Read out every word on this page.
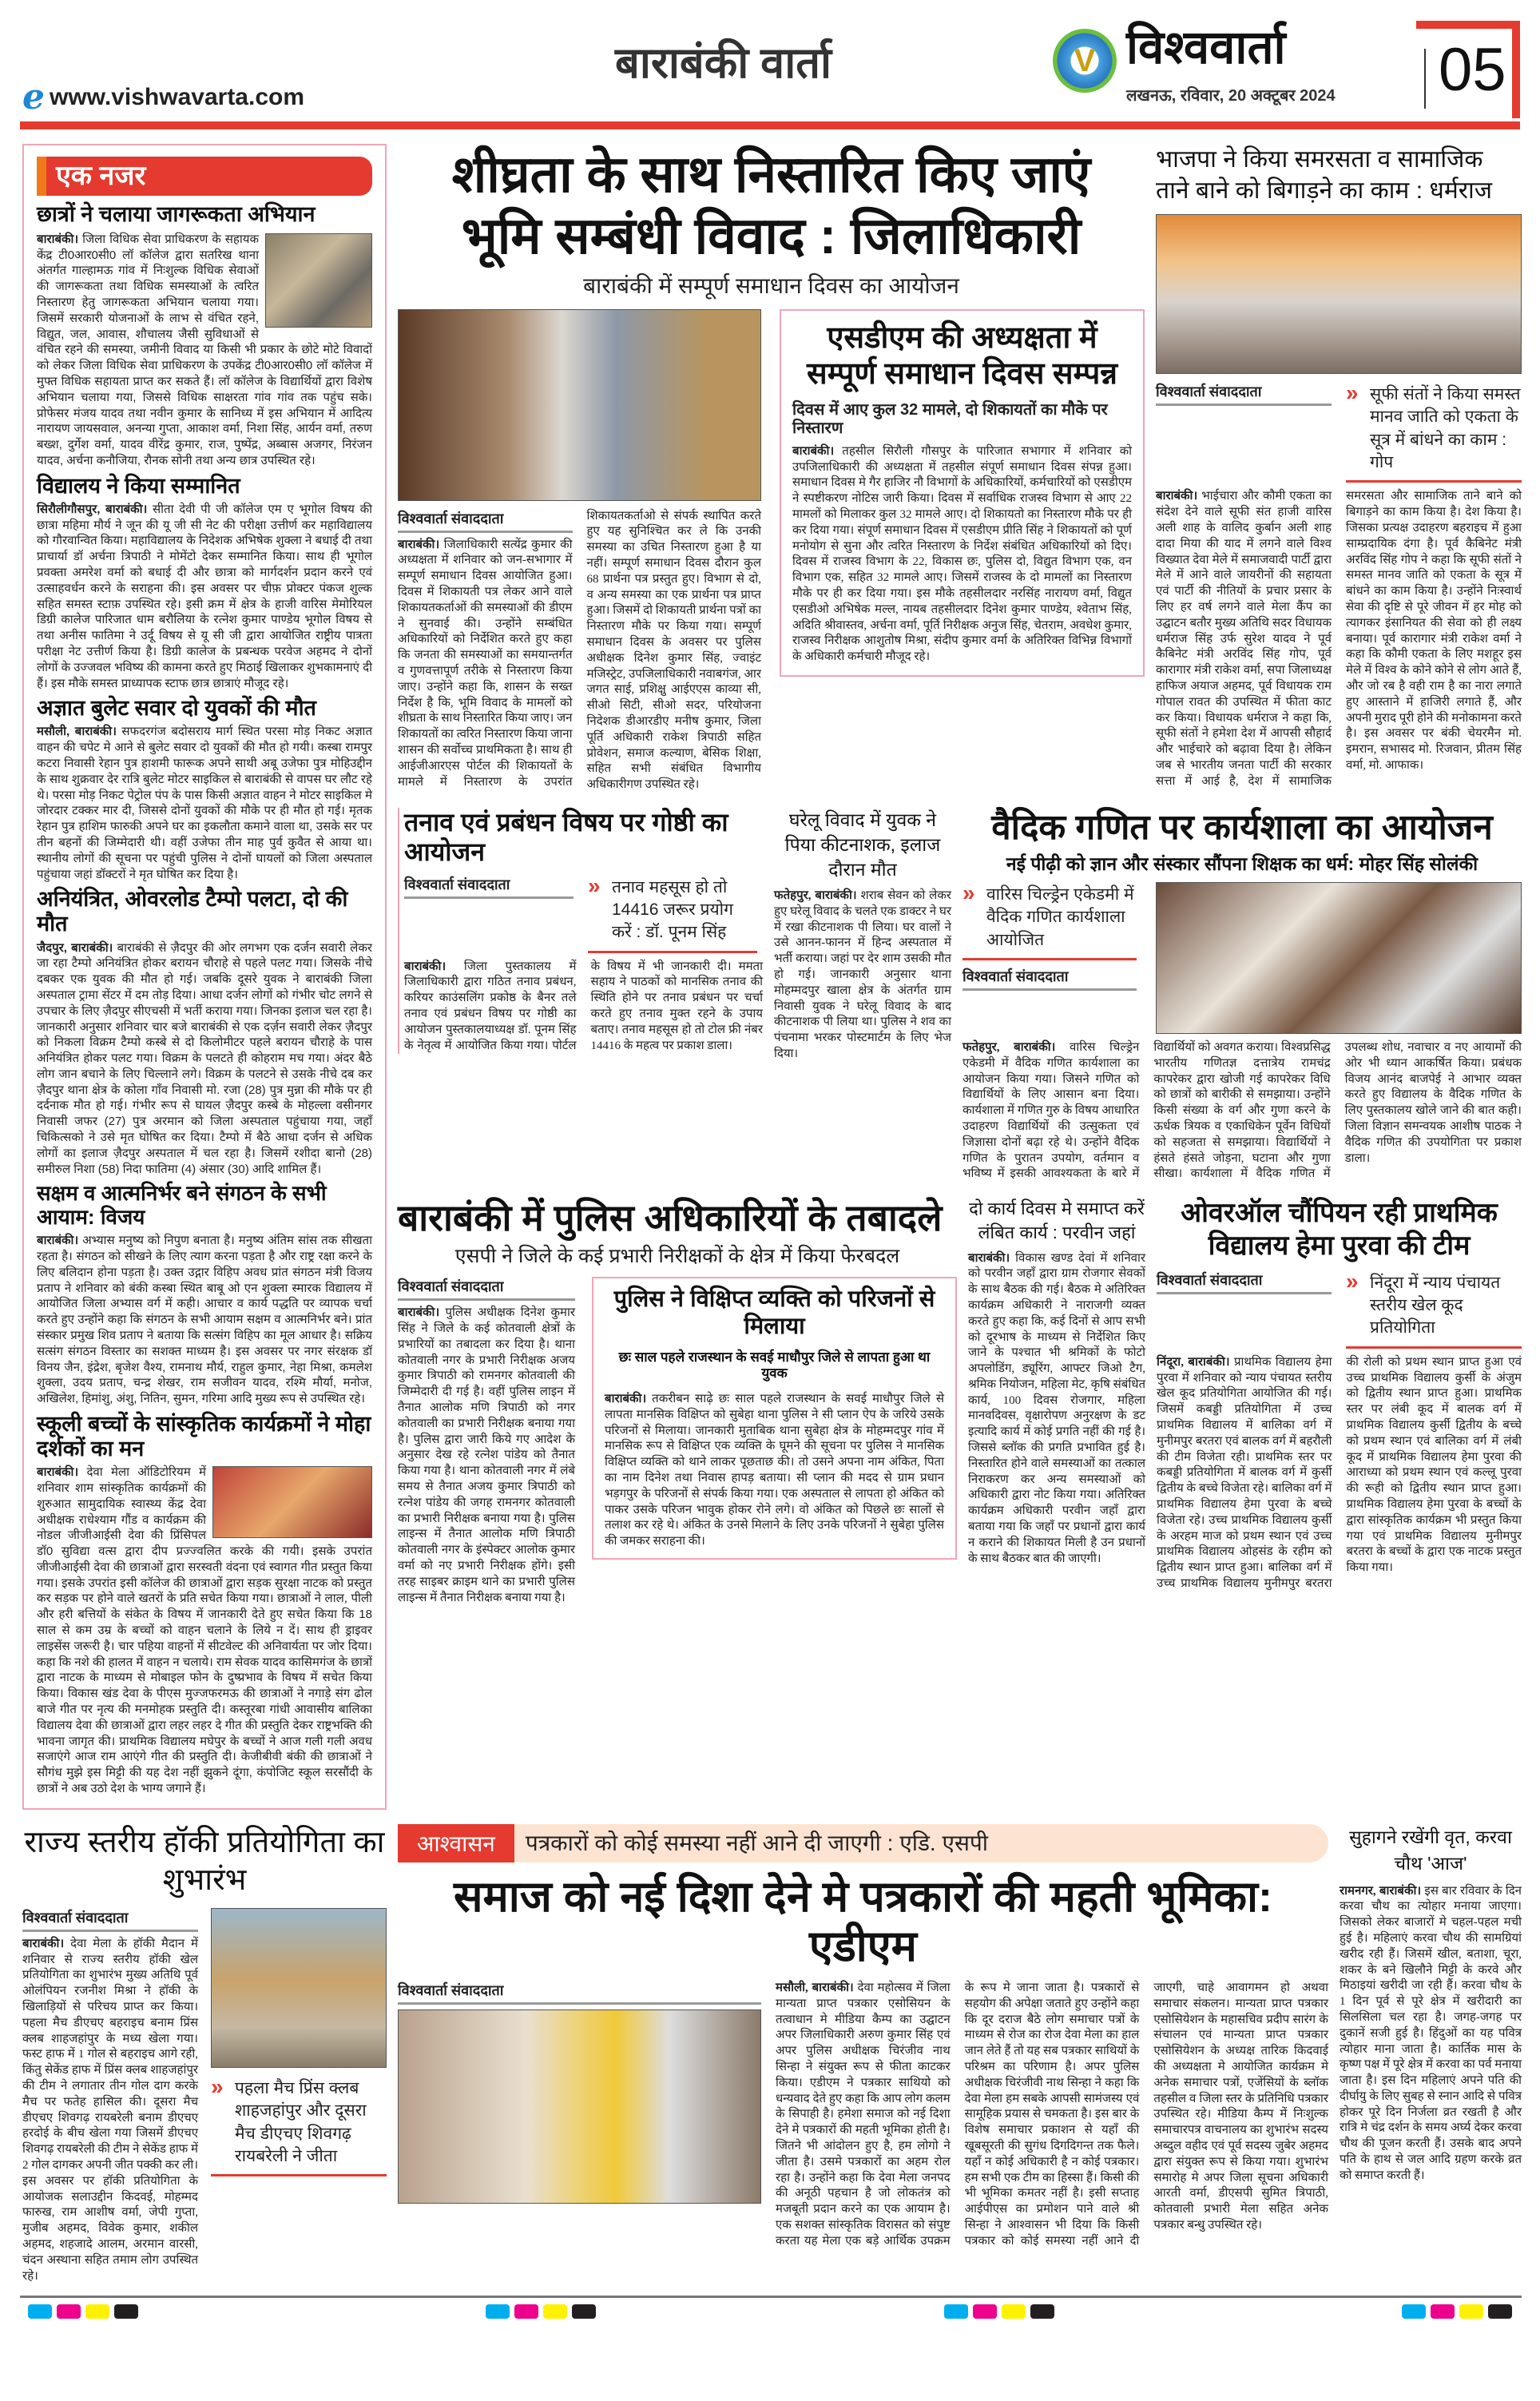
e www.vishwavarta.com
बाराबंकी वार्ता	V विश्ववार्ता
लखनऊ, रविवार, 20 अक्टूबर 2024 05
एक नजर
छात्रों ने चलाया जागरूकता अभियान
बाराबंकी। जिला विधिक सेवा प्राधिकरण के सहायक केंद्र टी0आर0सी0 लॉ कॉलेज द्वारा सतरिख थाना अंतर्गत गाल्हामऊ गांव में निःशुल्क विधिक सेवाओं की जागरूकता तथा विधिक समस्याओं के त्वरित निस्तारण हेतु जागरूकता अभियान चलाया गया। जिसमें सरकारी योजनाओं के लाभ से वंचित रहने, विद्युत, जल, आवास, शौचालय जैसी सुविधाओं से वंचित रहने की समस्या, जमीनी विवाद या किसी भी प्रकार के छोटे मोटे विवादों को लेकर जिला विधिक सेवा प्राधिकरण के उपकेंद्र टी0आर0सी0 लॉ कॉलेज में मुफ्त विधिक सहायता प्राप्त कर सकते हैं। लॉ कॉलेज के विद्यार्थियों द्वारा विशेष अभियान चलाया गया, जिससे विधिक साक्षरता गांव गांव तक पहुंच सके। प्रोफेसर मंजय यादव तथा नवीन कुमार के सानिध्य में इस अभियान में आदित्य नारायण जायसवाल, अनन्या गुप्ता, आकाश वर्मा, निशा सिंह, आर्यन वर्मा, तरुण बख्श, दुर्गेश वर्मा, यादव वीरेंद्र कुमार, राज, पुष्पेंद्र, अब्बास अजगर, निरंजन यादव, अर्चना कनौजिया, रौनक सोनी तथा अन्य छात्र उपस्थित रहे।
विद्यालय ने किया सम्मानित
सिरौलीगौसपुर, बाराबंकी। सीता देवी पी जी कॉलेज एम ए भूगोल विषय की छात्रा महिमा मौर्य ने जून की यू जी सी नेट की परीक्षा उत्तीर्ण कर महाविद्यालय को गौरवान्वित किया। महाविद्यालय के निदेशक अभिषेक शुक्ला ने बधाई दी तथा प्राचार्या डॉ अर्चना त्रिपाठी ने मोमेंटो देकर सम्मानित किया। साथ ही भूगोल प्रवक्ता अमरेश वर्मा को बधाई दी और छात्रा को मार्गदर्शन प्रदान करने एवं उत्साहवर्धन करने के सराहना की। इस अवसर पर चीफ़ प्रोक्टर पंकज शुल्क सहित समस्त स्टाफ़ उपस्थित रहे। इसी क्रम में क्षेत्र के हाजी वारिस मेमोरियल डिग्री कालेज पारिजात धाम बरौलिया के रत्नेश कुमार पाण्डेय भूगोल विषय से तथा अनीस फातिमा ने उर्दू विषय से यू सी जी द्वारा आयोजित राष्ट्रीय पात्रता परीक्षा नेट उत्तीर्ण किया है। डिग्री कालेज के प्रबन्धक परवेज अहमद ने दोनों लोगों के उज्जवल भविष्य की कामना करते हुए मिठाई खिलाकर शुभकामनाएं दी हैं। इस मौके समस्त प्राध्यापक स्टाफ छात्र छात्राएं मौजूद रहे।
अज्ञात बुलेट सवार दो युवकों की मौत
मसौली, बाराबंकी। सफदरगंज बदोसराय मार्ग स्थित परसा मोड़ निकट अज्ञात वाहन की चपेट मे आने से बुलेट सवार दो युवकों की मौत हो गयी। कस्बा रामपुर कटरा निवासी रेहान पुत्र हाशमी फारूक अपने साथी अबू उजेफा पुत्र मोहिउद्दीन के साथ शुक्रवार देर रात्रि बुलेट मोटर साइकिल से बाराबंकी से वापस घर लौट रहे थे। परसा मोड़ निकट पेट्रोल पंप के पास किसी अज्ञात वाहन ने मोटर साइकिल मे जोरदार टक्कर मार दी, जिससे दोनों युवकों की मौके पर ही मौत हो गई। मृतक रेहान पुत्र हाशिम फारुकी अपने घर का इकलौता कमाने वाला था, उसके सर पर तीन बहनों की जिम्मेदारी थी। वहीं उजेफा तीन माह पुर्व कुवैत से आया था। स्थानीय लोगों की सूचना पर पहुंची पुलिस ने दोनों घायलों को जिला अस्पताल पहुंचाया जहां डॉक्टरों ने मृत घोषित कर दिया है।
अनियंत्रित, ओवरलोड टैम्पो पलटा, दो की मौत
जैदपुर, बाराबंकी। बाराबंकी से ज़ैदपुर की ओर लगभग एक दर्जन सवारी लेकर जा रहा टैम्पो अनियंत्रित होकर बरायन चौराहे से पहले पलट गया। जिसके नीचे दबकर एक युवक की मौत हो गई। जबकि दूसरे युवक ने बाराबंकी जिला अस्पताल ट्रामा सेंटर में दम तोड़ दिया। आधा दर्जन लोगों को गंभीर चोट लगने से उपचार के लिए ज़ैदपुर सीएचसी में भर्ती कराया गया। जिनका इलाज चल रहा है। जानकारी अनुसार शनिवार चार बजे बाराबंकी से एक दर्ज़न सवारी लेकर ज़ैदपुर को निकला विक्रम टैम्पो कस्बे से दो किलोमीटर पहले बरायन चौराहे के पास अनियंत्रित होकर पलट गया। विक्रम के पलटते ही कोहराम मच गया। अंदर बैठे लोग जान बचाने के लिए चिल्लाने लगे। विक्रम के पलटने से उसके नीचे दब कर ज़ैदपुर थाना क्षेत्र के कोला गाँव निवासी मो. रजा (28) पुत्र मुन्ना की मौके पर ही दर्दनाक मौत हो गई। गंभीर रूप से घायल ज़ैदपुर कस्बे के मोहल्ला वसीनगर निवासी जफर (27) पुत्र अरमान को जिला अस्पताल पहुंचाया गया, जहाँ चिकित्सको ने उसे मृत घोषित कर दिया। टैम्पो में बैठे आधा दर्जन से अधिक लोगों का इलाज ज़ैदपुर अस्पताल में चल रहा है। जिसमें रशीदा बानो (28) समीरुल निशा (58) निदा फातिमा (4) अंसार (30) आदि शामिल हैं।
सक्षम व आत्मनिर्भर बने संगठन के सभी आयाम: विजय
बाराबंकी। अभ्यास मनुष्य को निपुण बनाता है। मनुष्य अंतिम सांस तक सीखता रहता है। संगठन को सीखने के लिए त्याग करना पड़ता है और राष्ट्र रक्षा करने के लिए बलिदान होना पड़ता है। उक्त उद्गार विहिप अवध प्रांत संगठन मंत्री विजय प्रताप ने शनिवार को बंकी कस्बा स्थित बाबू ओ एन शुक्ला स्मारक विद्यालय में आयोजित जिला अभ्यास वर्ग में कही। आचार व कार्य पद्धति पर व्यापक चर्चा करते हुए उन्होंने कहा कि संगठन के सभी आयाम सक्षम व आत्मनिर्भर बने। प्रांत संस्कार प्रमुख शिव प्रताप ने बताया कि सत्संग विहिप का मूल आधार है। सक्रिय सत्संग संगठन विस्तार का सशक्त माध्यम है। इस अवसर पर नगर संरक्षक डॉ विनय जैन, इंद्रेश, बृजेश वैश्य, रामनाथ मौर्य, राहुल कुमार, नेहा मिश्रा, कमलेश शुक्ला, उदय प्रताप, चन्द्र शेखर, राम सजीवन यादव, रश्मि मौर्या, मनोज, अखिलेश, हिमांशु, अंशु, नितिन, सुमन, गरिमा आदि मुख्य रूप से उपस्थित रहे।
स्कूली बच्चों के सांस्कृतिक कार्यक्रमों ने मोहा दर्शकों का मन
बाराबंकी। देवा मेला ऑडिटोरियम में शनिवार शाम सांस्कृतिक कार्यक्रमों की शुरुआत सामुदायिक स्वास्थ्य केंद्र देवा अधीक्षक राधेश्याम गौंड व कार्यक्रम की नोडल जीजीआईसी देवा की प्रिंसिपल डॉ0 सुविद्या वत्स द्वारा दीप प्रज्ज्वलित करके की गयी। इसके उपरांत जीजीआईसी देवा की छात्राओं द्वारा सरस्वती वंदना एवं स्वागत गीत प्रस्तुत किया गया। इसके उपरांत इसी कॉलेज की छात्राओं द्वारा सड़क सुरक्षा नाटक को प्रस्तुत कर सड़क पर होने वाले खतरों के प्रति सचेत किया गया। छात्राओं ने लाल, पीली और हरी बत्तियों के संकेत के विषय में जानकारी देते हुए सचेत किया कि 18 साल से कम उम्र के बच्चों को वाहन चलाने के लिये न दें। साथ ही ड्राइवर लाइसेंस जरूरी है। चार पहिया वाहनों में सीटवेल्ट की अनिवार्यता पर जोर दिया। कहा कि नशे की हालत में वाहन न चलाये। राम सेवक यादव कासिमगंज के छात्रों द्वारा नाटक के माध्यम से मोबाइल फोन के दुष्प्रभाव के विषय में सचेत किया किया। विकास खंड देवा के पीएस मुज्जफरमऊ की छात्राओं ने नगाड़े संग ढोल बाजे गीत पर नृत्य की मनमोहक प्रस्तुति दी। कस्तूरबा गांधी आवासीय बालिका विद्यालय देवा की छात्राओं द्वारा लहर लहर दे गीत की प्रस्तुति देकर राष्ट्रभक्ति की भावना जागृत की। प्राथमिक विद्यालय मघेपुर के बच्चों ने आज गली गली अवध सजाएंगे आज राम आएंगे गीत की प्रस्तुति दी। केजीबीवी बंकी की छात्राओं ने सौगंध मुझे इस मिट्टी की यह देश नहीं झुकने दूंगा, कंपोजिट स्कूल सरसौंदी के छात्रों ने अब उठो देश के भाग्य जगाने हैं।
शीघ्रता के साथ निस्तारित किए जाएं
भूमि सम्बंधी विवाद : जिलाधिकारी
बाराबंकी में सम्पूर्ण समाधान दिवस का आयोजन
विश्ववार्ता संवाददाता
बाराबंकी। जिलाधिकारी सत्येंद्र कुमार की अध्यक्षता में शनिवार को जन-सभागार में सम्पूर्ण समाधान दिवस आयोजित हुआ। दिवस में शिकायती पत्र लेकर आने वाले शिकायतकर्ताओं की समस्याओं की डीएम ने सुनवाई की। उन्होंने सम्बंधित अधिकारियों को निर्देशित करते हुए कहा कि जनता की समस्याओं का समयान्तर्गत व गुणवत्तापूर्ण तरीके से निस्तारण किया जाए। उन्होंने कहा कि, शासन के सख्त निर्देश है कि, भूमि विवाद के मामलों को शीघ्रता के साथ निस्तारित किया जाए। जन शिकायतों का त्वरित निस्तारण किया जाना शासन की सर्वोच्च प्राथमिकता है। साथ ही आईजीआरएस पोर्टल की शिकायतों के मामले में निस्तारण के उपरांत शिकायतकर्ताओ से संपर्क स्थापित करते हुए यह सुनिश्चित कर ले कि उनकी समस्या का उचित निस्तारण हुआ है या नहीं। सम्पूर्ण समाधान दिवस दौरान कुल 68 प्रार्थना पत्र प्रस्तुत हुए। विभाग से दो, व अन्य समस्या का एक प्रार्थना पत्र प्राप्त हुआ। जिसमें दो शिकायती प्रार्थना पत्रों का निस्तारण मौके पर किया गया। सम्पूर्ण समाधान दिवस के अवसर पर पुलिस अधीक्षक दिनेश कुमार सिंह, ज्वाइंट मजिस्ट्रेट, उपजिलाधिकारी नवाबगंज, आर जगत साई, प्रशिक्षु आईएएस काव्या सी, सीओ सिटी, सीओ सदर, परियोजना निदेशक डीआरडीए मनीष कुमार, जिला पूर्ति अधिकारी राकेश त्रिपाठी सहित प्रोवेशन, समाज कल्याण, बेसिक शिक्षा, सहित सभी संबंधित विभागीय अधिकारीगण उपस्थित रहे।
एसडीएम की अध्यक्षता में सम्पूर्ण समाधान दिवस सम्पन्न
दिवस में आए कुल 32 मामले, दो शिकायतों का मौके पर निस्तारण
बाराबंकी। तहसील सिरौली गौसपुर के पारिजात सभागार में शनिवार को उपजिलाधिकारी की अध्यक्षता में तहसील संपूर्ण समाधान दिवस संपन्न हुआ। समाधान दिवस मे गैर हाजिर नौ विभागों के अधिकारियों, कर्मचारियों को एसडीएम ने स्पष्टीकरण नोटिस जारी किया। दिवस में सर्वाधिक राजस्व विभाग से आए 22 मामलों को मिलाकर कुल 32 मामले आए। दो शिकायतो का निस्तारण मौके पर ही कर दिया गया। संपूर्ण समाधान दिवस में एसडीएम प्रीति सिंह ने शिकायतों को पूर्ण मनोयोग से सुना और त्वरित निस्तारण के निर्देश संबंधित अधिकारियों को दिए। दिवस में राजस्व विभाग के 22, विकास छः, पुलिस दो, विद्युत विभाग एक, वन विभाग एक, सहित 32 मामले आए। जिसमें राजस्व के दो मामलों का निस्तारण मौके पर ही कर दिया गया। इस मौके तहसीलदार नरसिंह नारायण वर्मा, विद्युत एसडीओ अभिषेक मल्ल, नायब तहसीलदार दिनेश कुमार पाण्डेय, श्वेताभ सिंह, अदिति श्रीवास्तव, अर्चना वर्मा, पूर्ति निरीक्षक अनुज सिंह, चेतराम, अवधेश कुमार, राजस्व निरीक्षक आशुतोष मिश्रा, संदीप कुमार वर्मा के अतिरिक्त विभिन्न विभागों के अधिकारी कर्मचारी मौजूद रहे।
भाजपा ने किया समरसता व सामाजिक ताने बाने को बिगाड़ने का काम : धर्मराज
विश्ववार्ता संवाददाता	» सूफी संतों ने किया समस्त मानव जाति को एकता के सूत्र में बांधने का काम : गोप
बाराबंकी। भाईचारा और कौमी एकता का संदेश देने वाले सूफी संत हाजी वारिस अली शाह के वालिद कुर्बान अली शाह दादा मिया की याद में लगने वाले विश्व विख्यात देवा मेले में समाजवादी पार्टी द्वारा मेले में आने वाले जायरीनों की सहायता एवं पार्टी की नीतियों के प्रचार प्रसार के लिए हर वर्ष लगने वाले मेला कैंप का उद्घाटन बतौर मुख्य अतिथि सदर विधायक धर्मराज सिंह उर्फ सुरेश यादव ने पूर्व कैबिनेट मंत्री अरविंद सिंह गोप, पूर्व कारागार मंत्री राकेश वर्मा, सपा जिलाध्यक्ष हाफिज अयाज अहमद, पूर्व विधायक राम गोपाल रावत की उपस्थित में फीता काट कर किया। विधायक धर्मराज ने कहा कि, सूफी संतों ने हमेशा देश में आपसी सौहार्द और भाईचारे को बढ़ावा दिया है। लेकिन जब से भारतीय जनता पार्टी की सरकार सत्ता में आई है, देश में सामाजिक समरसता और सामाजिक ताने बाने को बिगाड़ने का काम किया है। देश किया है। जिसका प्रत्यक्ष उदाहरण बहराइच में हुआ साम्प्रदायिक दंगा है। पूर्व कैबिनेट मंत्री अरविंद सिंह गोप ने कहा कि सूफी संतों ने समस्त मानव जाति को एकता के सूत्र में बांधने का काम किया है। उन्होंने निःस्वार्थ सेवा की दृष्टि से पूरे जीवन में हर मोह को त्यागकर इंसानियत की सेवा को ही लक्ष्य बनाया। पूर्व कारागार मंत्री राकेश वर्मा ने कहा कि कौमी एकता के लिए मशहूर इस मेले में विश्व के कोने कोने से लोग आते हैं, और जो रब है वही राम है का नारा लगाते हुए आस्ताने में हाजिरी लगाते हैं, और अपनी मुराद पूरी होने की मनोकामना करते है। इस अवसर पर बंकी चेयरमैन मो. इमरान, सभासद मो. रिजवान, प्रीतम सिंह वर्मा, मो. आफाक।
तनाव एवं प्रबंधन विषय पर गोष्ठी का आयोजन
विश्ववार्ता संवाददाता	» तनाव महसूस हो तो 14416 जरूर प्रयोग करें : डॉ. पूनम सिंह
बाराबंकी। जिला पुस्तकालय में जिलाधिकारी द्वारा गठित तनाव प्रबंधन, करियर काउंसलिंग प्रकोष्ठ के बैनर तले तनाव एवं प्रबंधन विषय पर गोष्ठी का आयोजन पुस्तकालयाध्यक्ष डॉ. पूनम सिंह के नेतृत्व में आयोजित किया गया। पोर्टल के विषय में भी जानकारी दी। ममता सहाय ने पाठकों को मानसिक तनाव की स्थिति होने पर तनाव प्रबंधन पर चर्चा करते हुए तनाव मुक्त रहने के उपाय बताए। तनाव महसूस हो तो टोल फ्री नंबर 14416 के महत्व पर प्रकाश डाला।
घरेलू विवाद में युवक ने पिया कीटनाशक, इलाज दौरान मौत
फतेहपुर, बाराबंकी। शराब सेवन को लेकर हुए घरेलू विवाद के चलते एक डाक्टर ने घर में रखा कीटनाशक पी लिया। घर वालों ने उसे आनन-फानन में हिन्द अस्पताल में भर्ती कराया। जहां पर देर शाम उसकी मौत हो गई। जानकारी अनुसार थाना मोहम्मदपुर खाला क्षेत्र के अंतर्गत ग्राम निवासी युवक ने घरेलू विवाद के बाद कीटनाशक पी लिया था। पुलिस ने शव का पंचनामा भरकर पोस्टमार्टम के लिए भेज दिया।
वैदिक गणित पर कार्यशाला का आयोजन
नई पीढ़ी को ज्ञान और संस्कार सौंपना शिक्षक का धर्म: मोहर सिंह सोलंकी
» वारिस चिल्ड्रेन एकेडमी में वैदिक गणित कार्यशाला आयोजित
विश्ववार्ता संवाददाता
फतेहपुर, बाराबंकी। वारिस चिल्ड्रेन एकेडमी में वैदिक गणित कार्यशाला का आयोजन किया गया। जिसने गणित को विद्यार्थियों के लिए आसान बना दिया। कार्यशाला में गणित गुरु के विषय आधारित उदाहरण विद्यार्थियों की उत्सुकता एवं जिज्ञासा दोनों बढ़ा रहे थे। उन्होंने वैदिक गणित के पुरातन उपयोग, वर्तमान व भविष्य में इसकी आवश्यकता के बारे में विद्यार्थियों को अवगत कराया। विश्वप्रसिद्ध भारतीय गणितज्ञ दत्तात्रेय रामचंद्र कापरेकर द्वारा खोजी गई कापरेकर विधि को छात्रों को बारीकी से समझाया। उन्होंने किसी संख्या के वर्ग और गुणा करने के ऊर्धक त्रियक व एकाधिकेन पूर्वेन विधियों को सहजता से समझाया। विद्यार्थियों ने हंसते हंसते जोड़ना, घटाना और गुणा सीखा। कार्यशाला में वैदिक गणित में उपलब्ध शोध, नवाचार व नए आयामों की ओर भी ध्यान आकर्षित किया। प्रबंधक विजय आनंद बाजपेई ने आभार व्यक्त करते हुए विद्यालय के वैदिक गणित के लिए पुस्तकालय खोले जाने की बात कही। जिला विज्ञान समन्वयक आशीष पाठक ने वैदिक गणित की उपयोगिता पर प्रकाश डाला।
बाराबंकी में पुलिस अधिकारियों के तबादले
एसपी ने जिले के कई प्रभारी निरीक्षकों के क्षेत्र में किया फेरबदल
विश्ववार्ता संवाददाता
बाराबंकी। पुलिस अधीक्षक दिनेश कुमार सिंह ने जिले के कई कोतवाली क्षेत्रों के प्रभारियों का तबादला कर दिया है। थाना कोतवाली नगर के प्रभारी निरीक्षक अजय कुमार त्रिपाठी को रामनगर कोतवाली की जिम्मेदारी दी गई है। वहीं पुलिस लाइन में तैनात आलोक मणि त्रिपाठी को नगर कोतवाली का प्रभारी निरीक्षक बनाया गया है। पुलिस द्वारा जारी किये गए आदेश के अनुसार देख रहे रत्नेश पांडेय को तैनात किया गया है। थाना कोतवाली नगर में लंबे समय से तैनात अजय कुमार त्रिपाठी को रत्नेश पांडेय की जगह रामनगर कोतवाली का प्रभारी निरीक्षक बनाया गया है। पुलिस लाइन्स में तैनात आलोक मणि त्रिपाठी कोतवाली नगर के इंस्पेक्टर आलोक कुमार वर्मा को नए प्रभारी निरीक्षक होंगे। इसी तरह साइबर क्राइम थाने का प्रभारी पुलिस लाइन्स में तैनात निरीक्षक बनाया गया है।
पुलिस ने विक्षिप्त व्यक्ति को परिजनों से मिलाया
छः साल पहले राजस्थान के सवई माधौपुर जिले से लापता हुआ था युवक
बाराबंकी। तकरीबन साढ़े छः साल पहले राजस्थान के सवई माधौपुर जिले से लापता मानसिक विक्षिप्त को सुबेहा थाना पुलिस ने सी प्लान ऐप के जरिये उसके परिजनों से मिलाया। जानकारी मुताबिक थाना सुबेहा क्षेत्र के मोहम्मदपुर गांव में मानसिक रूप से विक्षिप्त एक व्यक्ति के घूमने की सूचना पर पुलिस ने मानसिक विक्षिप्त व्यक्ति को थाने लाकर पूछताछ की। तो उसने अपना नाम अंकित, पिता का नाम दिनेश तथा निवास हापड़ बताया। सी प्लान की मदद से ग्राम प्रधान भड़गपुर के परिजनों से संपर्क किया गया। एक अस्पताल से लापता हो अंकित को पाकर उसके परिजन भावुक होकर रोने लगे। वो अंकित को पिछले छः सालों से तलाश कर रहे थे। अंकित के उनसे मिलाने के लिए उनके परिजनों ने सुबेहा पुलिस की जमकर सराहना की।
दो कार्य दिवस मे समाप्त करें लंबित कार्य : परवीन जहां
बाराबंकी। विकास खण्ड देवां में शनिवार को परवीन जहाँ द्वारा ग्राम रोजगार सेवकों के साथ बैठक की गई। बैठक मे अतिरिक्त कार्यक्रम अधिकारी ने नाराजगी व्यक्त करते हुए कहा कि, कई दिनों से आप सभी को दूरभाष के माध्यम से निर्देशित किए जाने के पश्चात भी श्रमिकों के फोटो अपलोडिंग, ड्यूरिंग, आफ्टर जिओ टैग, श्रमिक नियोजन, महिला मेट, कृषि संबंधित कार्य, 100 दिवस रोजगार, महिला मानवदिवस, वृक्षारोपण अनुरक्षण के डट इत्यादि कार्य में कोई प्रगति नहीं की गई है। जिससे ब्लॉक की प्रगति प्रभावित हुई है। निस्तारित होने वाले समस्याओं का तत्काल निराकरण कर अन्य समस्याओं को अधिकारी द्वारा नोट किया गया। अतिरिक्त कार्यक्रम अधिकारी परवीन जहाँ द्वारा बताया गया कि जहाँ पर प्रधानों द्वारा कार्य न कराने की शिकायत मिली है उन प्रधानों के साथ बैठकर बात की जाएगी।
ओवरऑल चौंपियन रही प्राथमिक विद्यालय हेमा पुरवा की टीम
विश्ववार्ता संवाददाता	» निंदूरा में न्याय पंचायत स्तरीय खेल कूद प्रतियोगिता
निंदूरा, बाराबंकी। प्राथमिक विद्यालय हेमा पुरवा में शनिवार को न्याय पंचायत स्तरीय खेल कूद प्रतियोगिता आयोजित की गई। जिसमें कबड्डी प्रतियोगिता में उच्च प्राथमिक विद्यालय में बालिका वर्ग में मुनीमपुर बरतरा एवं बालक वर्ग में बहरौली की टीम विजेता रही। प्राथमिक स्तर पर कबड्डी प्रतियोगिता में बालक वर्ग में कुर्सी द्वितीय के बच्चे विजेता रहे। बालिका वर्ग में प्राथमिक विद्यालय हेमा पुरवा के बच्चे विजेता रहे। उच्च प्राथमिक विद्यालय कुर्सी के अरहम माज को प्रथम स्थान एवं उच्च प्राथमिक विद्यालय ओहसंड के रहीम को द्वितीय स्थान प्राप्त हुआ। बालिका वर्ग में उच्च प्राथमिक विद्यालय मुनीमपुर बरतरा की रोली को प्रथम स्थान प्राप्त हुआ एवं उच्च प्राथमिक विद्यालय कुर्सी के अंजुम को द्वितीय स्थान प्राप्त हुआ। प्राथमिक स्तर पर लंबी कूद में बालक वर्ग में प्राथमिक विद्यालय कुर्सी द्वितीय के बच्चे को प्रथम स्थान एवं बालिका वर्ग में लंबी कूद में प्राथमिक विद्यालय हेमा पुरवा की आराध्या को प्रथम स्थान एवं कल्लू पुरवा की रूही को द्वितीय स्थान प्राप्त हुआ। प्राथमिक विद्यालय हेमा पुरवा के बच्चों के द्वारा सांस्कृतिक कार्यक्रम भी प्रस्तुत किया गया एवं प्राथमिक विद्यालय मुनीमपुर बरतरा के बच्चों के द्वारा एक नाटक प्रस्तुत किया गया।
राज्य स्तरीय हॉकी प्रतियोगिता का शुभारंभ
विश्ववार्ता संवाददाता
बाराबंकी। देवा मेला के हॉकी मैदान में शनिवार से राज्य स्तरीय हॉकी खेल प्रतियोगिता का शुभारंभ मुख्य अतिथि पूर्व ओलंपियन रजनीश मिश्रा ने हॉकी के खिलाड़ियों से परिचय प्राप्त कर किया। पहला मैच डीएचए बहराइच बनाम प्रिंस क्लब शाहजहांपुर के मध्य खेला गया। फस्ट हाफ में 1 गोल से बहराइच आगे रही, किंतु सेकेंड हाफ में प्रिंस क्लब शाहजहांपुर की टीम ने लगातार तीन गोल दाग करके मैच पर फतेह हासिल की। दूसरा मैच डीएचए शिवगढ़ रायबरेली बनाम डीएचए हरदोई के बीच खेला गया जिसमें डीएचए शिवगढ़ रायबरेली की टीम ने सेकेंड हाफ में 2 गोल दागकर अपनी जीत पक्की कर ली। इस अवसर पर हॉकी प्रतियोगिता के आयोजक सलाउद्दीन किदवई, मोहम्मद फारुख, राम आशीष वर्मा, जेपी गुप्ता, मुजीब अहमद, विवेक कुमार, शकील अहमद, शहजादे आलम, अरमान वारसी, चंदन अस्थाना सहित तमाम लोग उपस्थित रहे।
» पहला मैच प्रिंस क्लब शाहजहांपुर और दूसरा मैच डीएचए शिवगढ़ रायबरेली ने जीता
आश्वासन	पत्रकारों को कोई समस्या नहीं आने दी जाएगी : एडि. एसपी
समाज को नई दिशा देने मे पत्रकारों की महती भूमिका: एडीएम
विश्ववार्ता संवाददाता	मसौली, बाराबंकी। देवा महोत्सव में जिला मान्यता प्राप्त पत्रकार एसोसियन के तत्वाधान मे मीडिया कैम्प का उद्घाटन अपर जिलाधिकारी अरुण कुमार सिंह एवं अपर पुलिस अधीक्षक चिरंजीव नाथ सिन्हा ने संयुक्त रूप से फीता काटकर किया। एडीएम ने पत्रकार साथियो को धन्यवाद देते हुए कहा कि आप लोग कलम के सिपाही है। हमेशा समाज को नई दिशा देने मे पत्रकारों की महती भूमिका होती है। जितने भी आंदोलन हुए है, हम लोगो ने जीता है। उसमे पत्रकारों का अहम रोल रहा है। उन्होंने कहा कि देवा मेला जनपद की अनूठी पहचान है जो लोकतंत्र को मजबूती प्रदान करने का एक आयाम है। एक सशक्त सांस्कृतिक विरासत को संपुष्ट करता यह मेला एक बड़े आर्थिक उपक्रम के रूप मे जाना जाता है। पत्रकारों से सहयोग की अपेक्षा जताते हुए उन्होंने कहा कि दूर दराज बैठे लोग समाचार पत्रों के माध्यम से रोज का रोज देवा मेला का हाल जान लेते हैं तो यह सब पत्रकार साथियों के परिश्रम का परिणाम है। अपर पुलिस अधीक्षक चिरंजीवी नाथ सिन्हा ने कहा कि देवा मेला हम सबके आपसी सामंजस्य एवं सामूहिक प्रयास से चमकता है। इस बार के विशेष समाचार प्रकाशन से यहाँ की खूबसूरती की सुगंध दिगदिगन्त तक फैले। यहाँ न कोई अधिकारी है न कोई पत्रकार। हम सभी एक टीम का हिस्सा हैं। किसी की भी भूमिका कमतर नहीं है। इसी सप्ताह आईपीएस का प्रमोशन पाने वाले श्री सिन्हा ने आश्वासन भी दिया कि किसी पत्रकार को कोई समस्या नहीं आने दी जाएगी, चाहे आवागमन हो अथवा समाचार संकलन। मान्यता प्राप्त पत्रकार एसोसियेशन के महासचिव प्रदीप सारंग के संचालन एवं मान्यता प्राप्त पत्रकार एसोसियेशन के अध्यक्ष तारिक किदवाई की अध्यक्षता मे आयोजित कार्यक्रम मे अनेक समाचार पत्रों, एजेंसियों के ब्लॉक तहसील व जिला स्तर के प्रतिनिधि पत्रकार उपस्थित रहे। मीडिया कैम्प में निःशुल्क समाचारपत्र वाचनालय का शुभारंभ सदस्य अब्दुल वहीद एवं पूर्व सदस्य जुबेर अहमद द्वारा संयुक्त रूप से किया गया। शुभारंभ समारोह मे अपर जिला सूचना अधिकारी आरती वर्मा, डीएसपी सुमित त्रिपाठी, कोतवाली प्रभारी मेला सहित अनेक पत्रकार बन्धु उपस्थित रहे।
सुहागने रखेंगी वृत, करवा चौथ 'आज'
रामनगर, बाराबंकी। इस बार रविवार के दिन करवा चौथ का त्योहार मनाया जाएगा। जिसको लेकर बाजारों मे चहल-पहल मची हुई है। महिलाएं करवा चौथ की सामग्रियां खरीद रही हैं। जिसमें खील, बताशा, चूरा, शकर के बने खिलौने मिट्टी के करवे और मिठाइयां खरीदी जा रही हैं। करवा चौथ के 1 दिन पूर्व से पूरे क्षेत्र में खरीदारी का सिलसिला चल रहा है। जगह-जगह पर दुकानें सजी हुई है। हिंदुओं का यह पवित्र त्योहार माना जाता है। कार्तिक मास के कृष्ण पक्ष में पूरे क्षेत्र में करवा का पर्व मनाया जाता है। इस दिन महिलाएं अपने पति की दीर्घायु के लिए सुबह से स्नान आदि से पवित्र होकर पूरे दिन निर्जला व्रत रखती है और रात्रि मे चंद्र दर्शन के समय अर्घ्य देकर करवा चौथ की पूजन करती हैं। उसके बाद अपने पति के हाथ से जल आदि ग्रहण करके व्रत को समाप्त करती हैं।
